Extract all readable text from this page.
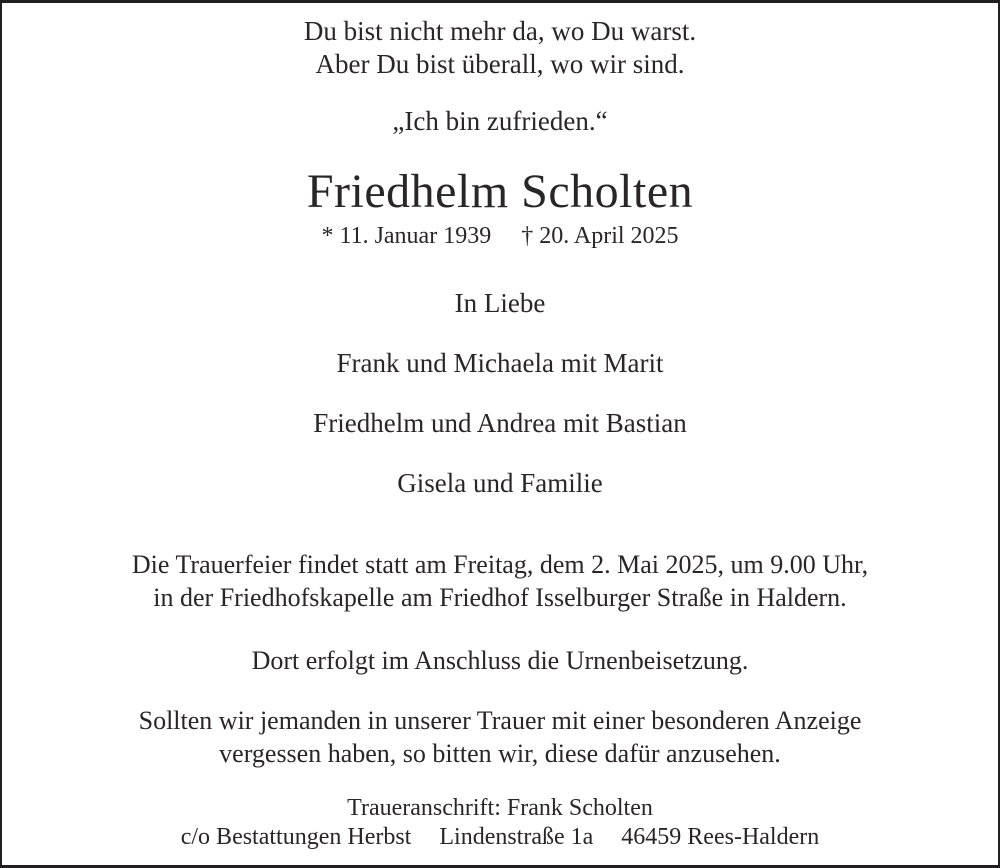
Du bist nicht mehr da, wo Du warst.
Aber Du bist überall, wo wir sind.
„Ich bin zufrieden.“
Friedhelm Scholten
* 11. Januar 1939 † 20. April 2025
In Liebe
Frank und Michaela mit Marit
Friedhelm und Andrea mit Bastian
Gisela und Familie
Die Trauerfeier findet statt am Freitag, dem 2. Mai 2025, um 9.00 Uhr,
in der Friedhofskapelle am Friedhof Isselburger Straße in Haldern.
Dort erfolgt im Anschluss die Urnenbeisetzung.
Sollten wir jemanden in unserer Trauer mit einer besonderen Anzeige
vergessen haben, so bitten wir, diese dafür anzusehen.
Traueranschrift: Frank Scholten
c/o Bestattungen Herbst Lindenstraße 1a 46459 Rees-Haldern
